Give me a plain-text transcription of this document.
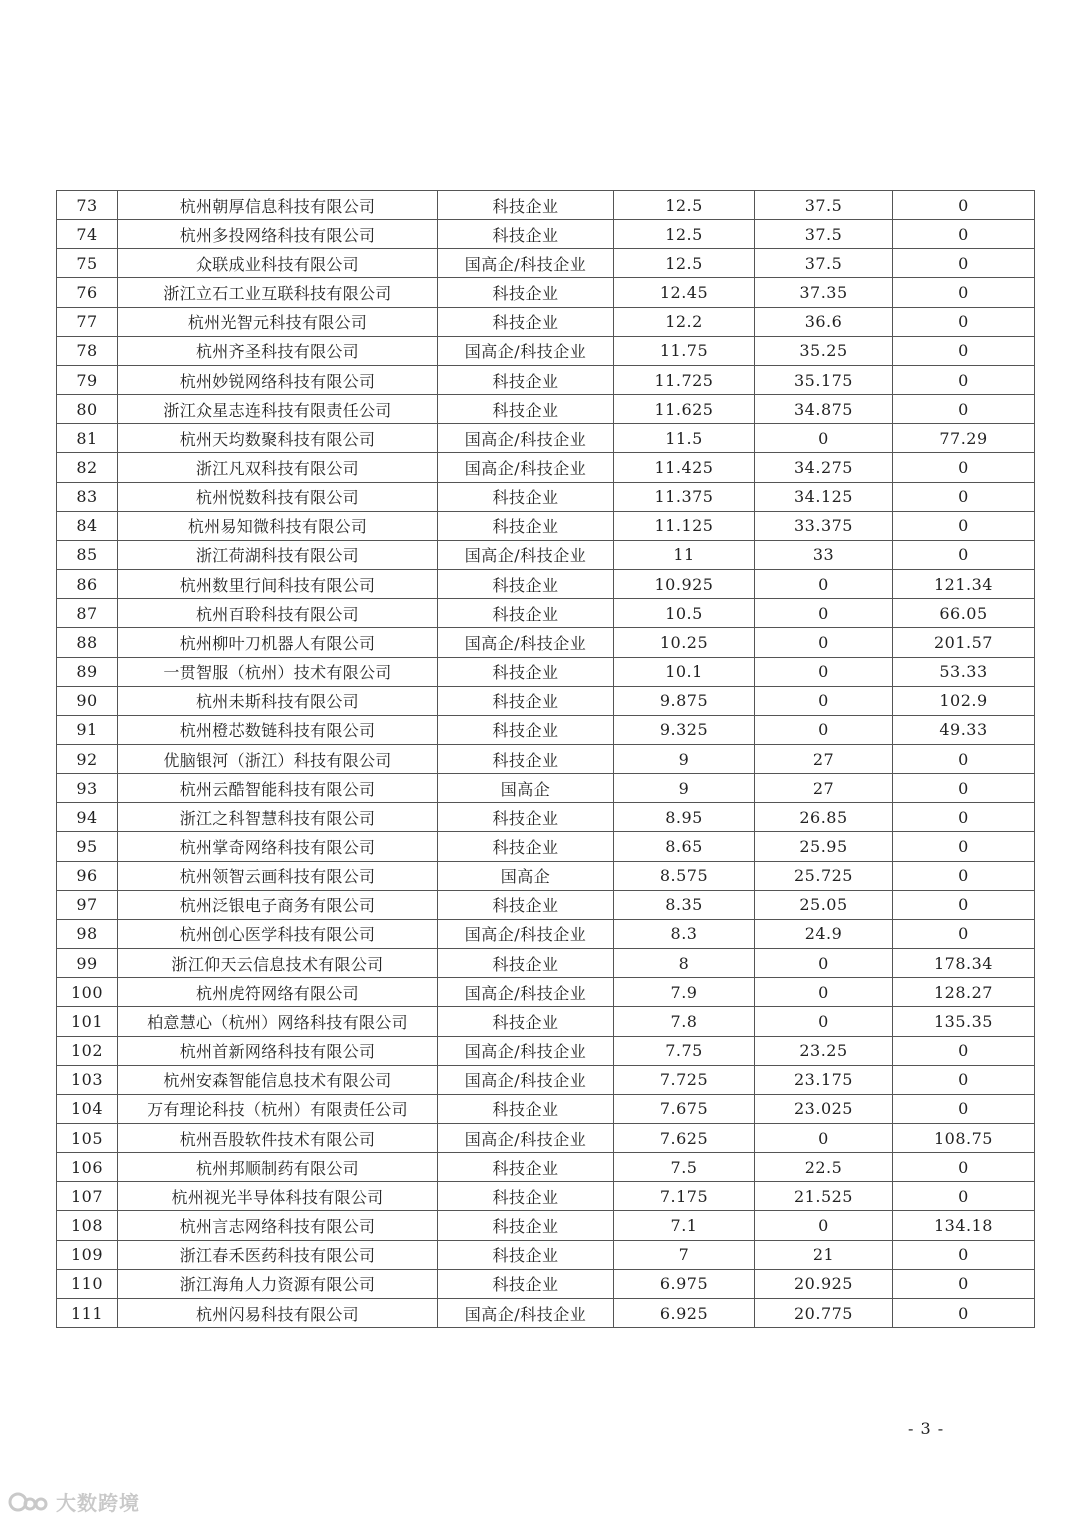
73	杭州朝厚信息科技有限公司	科技企业	12.5	37.5	0
74	杭州多投网络科技有限公司	科技企业	12.5	37.5	0
75	众联成业科技有限公司	国高企/科技企业	12.5	37.5	0
76	浙江立石工业互联科技有限公司	科技企业	12.45	37.35	0
77	杭州光智元科技有限公司	科技企业	12.2	36.6	0
78	杭州齐圣科技有限公司	国高企/科技企业	11.75	35.25	0
79	杭州妙锐网络科技有限公司	科技企业	11.725	35.175	0
80	浙江众星志连科技有限责任公司	科技企业	11.625	34.875	0
81	杭州天均数聚科技有限公司	国高企/科技企业	11.5	0	77.29
82	浙江凡双科技有限公司	国高企/科技企业	11.425	34.275	0
83	杭州悦数科技有限公司	科技企业	11.375	34.125	0
84	杭州易知微科技有限公司	科技企业	11.125	33.375	0
85	浙江荷湖科技有限公司	国高企/科技企业	11	33	0
86	杭州数里行间科技有限公司	科技企业	10.925	0	121.34
87	杭州百聆科技有限公司	科技企业	10.5	0	66.05
88	杭州柳叶刀机器人有限公司	国高企/科技企业	10.25	0	201.57
89	一贯智服（杭州）技术有限公司	科技企业	10.1	0	53.33
90	杭州未斯科技有限公司	科技企业	9.875	0	102.9
91	杭州橙芯数链科技有限公司	科技企业	9.325	0	49.33
92	优脑银河（浙江）科技有限公司	科技企业	9	27	0
93	杭州云酷智能科技有限公司	国高企	9	27	0
94	浙江之科智慧科技有限公司	科技企业	8.95	26.85	0
95	杭州掌奇网络科技有限公司	科技企业	8.65	25.95	0
96	杭州领智云画科技有限公司	国高企	8.575	25.725	0
97	杭州泛银电子商务有限公司	科技企业	8.35	25.05	0
98	杭州创心医学科技有限公司	国高企/科技企业	8.3	24.9	0
99	浙江仰天云信息技术有限公司	科技企业	8	0	178.34
100	杭州虎符网络有限公司	国高企/科技企业	7.9	0	128.27
101	柏意慧心（杭州）网络科技有限公司	科技企业	7.8	0	135.35
102	杭州首新网络科技有限公司	国高企/科技企业	7.75	23.25	0
103	杭州安森智能信息技术有限公司	国高企/科技企业	7.725	23.175	0
104	万有理论科技（杭州）有限责任公司	科技企业	7.675	23.025	0
105	杭州吾股软件技术有限公司	国高企/科技企业	7.625	0	108.75
106	杭州邦顺制药有限公司	科技企业	7.5	22.5	0
107	杭州视光半导体科技有限公司	科技企业	7.175	21.525	0
108	杭州言志网络科技有限公司	科技企业	7.1	0	134.18
109	浙江春禾医药科技有限公司	科技企业	7	21	0
110	浙江海角人力资源有限公司	科技企业	6.975	20.925	0
111	杭州闪易科技有限公司	国高企/科技企业	6.925	20.775	0
- 3 -
大数跨境
